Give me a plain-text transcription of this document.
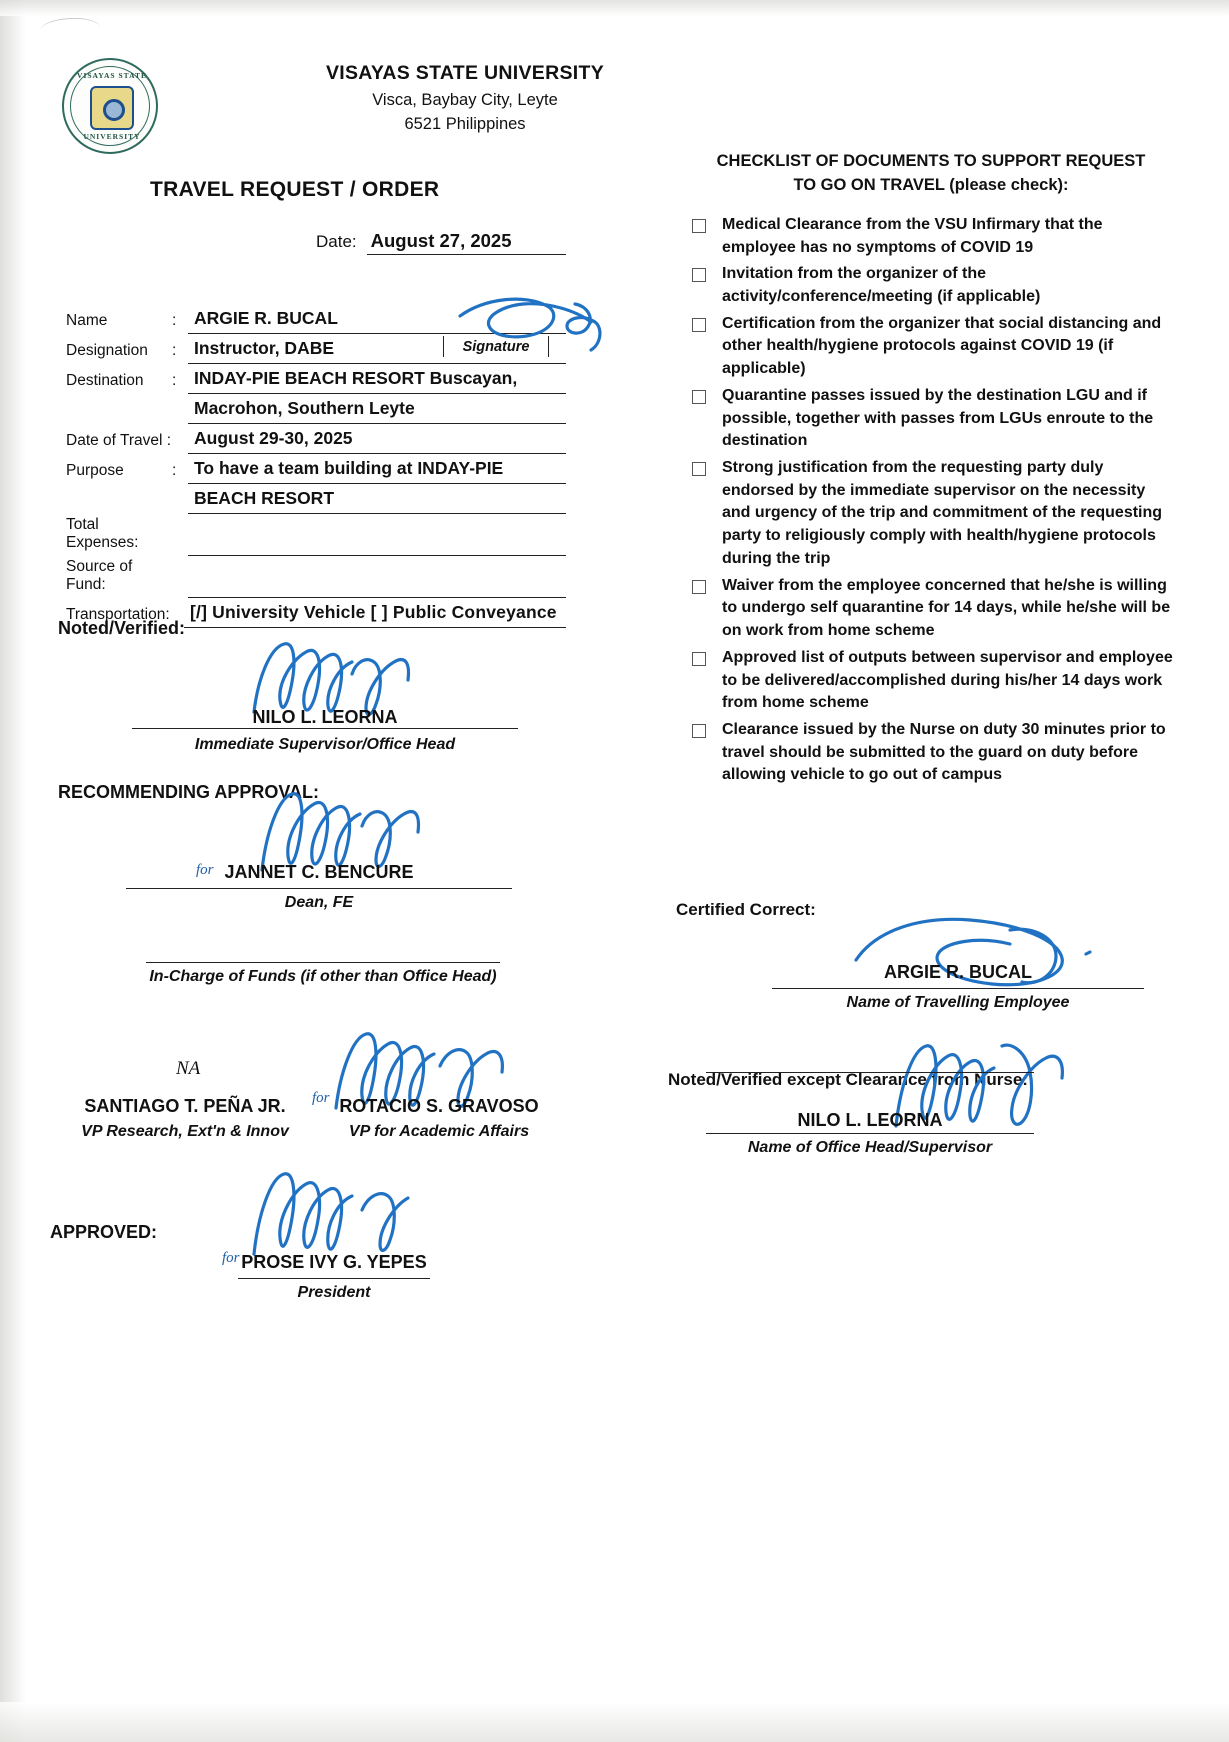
VISAYAS STATE
UNIVERSITY
VISAYAS STATE UNIVERSITY
Visca, Baybay City, Leyte
6521 Philippines
TRAVEL REQUEST / ORDER
Date: August 27, 2025
Name	:	ARGIE R. BUCAL
Designation	:	Instructor, DABE
Destination	:	INDAY-PIE BEACH RESORT Buscayan,
Macrohon, Southern Leyte
Date of Travel :	August 29-30, 2025
Purpose	:	To have a team building at INDAY-PIE
BEACH RESORT
Total Expenses:
Source of Fund:
Transportation:	[/] University Vehicle [ ] Public Conveyance
Signature
Noted/Verified:
NILO L. LEORNA
Immediate Supervisor/Office Head
RECOMMENDING APPROVAL:
for JANNET C. BENCURE
Dean, FE
In-Charge of Funds (if other than Office Head)
NA
SANTIAGO T. PEÑA JR.
VP Research, Ext'n & Innov
for ROTACIO S. GRAVOSO
VP for Academic Affairs
APPROVED:
for PROSE IVY G. YEPES
President
CHECKLIST OF DOCUMENTS TO SUPPORT REQUEST
TO GO ON TRAVEL (please check):
Medical Clearance from the VSU Infirmary that the employee has no symptoms of COVID 19
Invitation from the organizer of the activity/conference/meeting (if applicable)
Certification from the organizer that social distancing and other health/hygiene protocols against COVID 19 (if applicable)
Quarantine passes issued by the destination LGU and if possible, together with passes from LGUs enroute to the destination
Strong justification from the requesting party duly endorsed by the immediate supervisor on the necessity and urgency of the trip and commitment of the requesting party to religiously comply with health/hygiene protocols during the trip
Waiver from the employee concerned that he/she is willing to undergo self quarantine for 14 days, while he/she will be on work from home scheme
Approved list of outputs between supervisor and employee to be delivered/accomplished during his/her 14 days work from home scheme
Clearance issued by the Nurse on duty 30 minutes prior to travel should be submitted to the guard on duty before allowing vehicle to go out of campus
Certified Correct:
ARGIE R. BUCAL
Name of Travelling Employee
Noted/Verified except Clearance from Nurse:
NILO L. LEORNA
Name of Office Head/Supervisor
